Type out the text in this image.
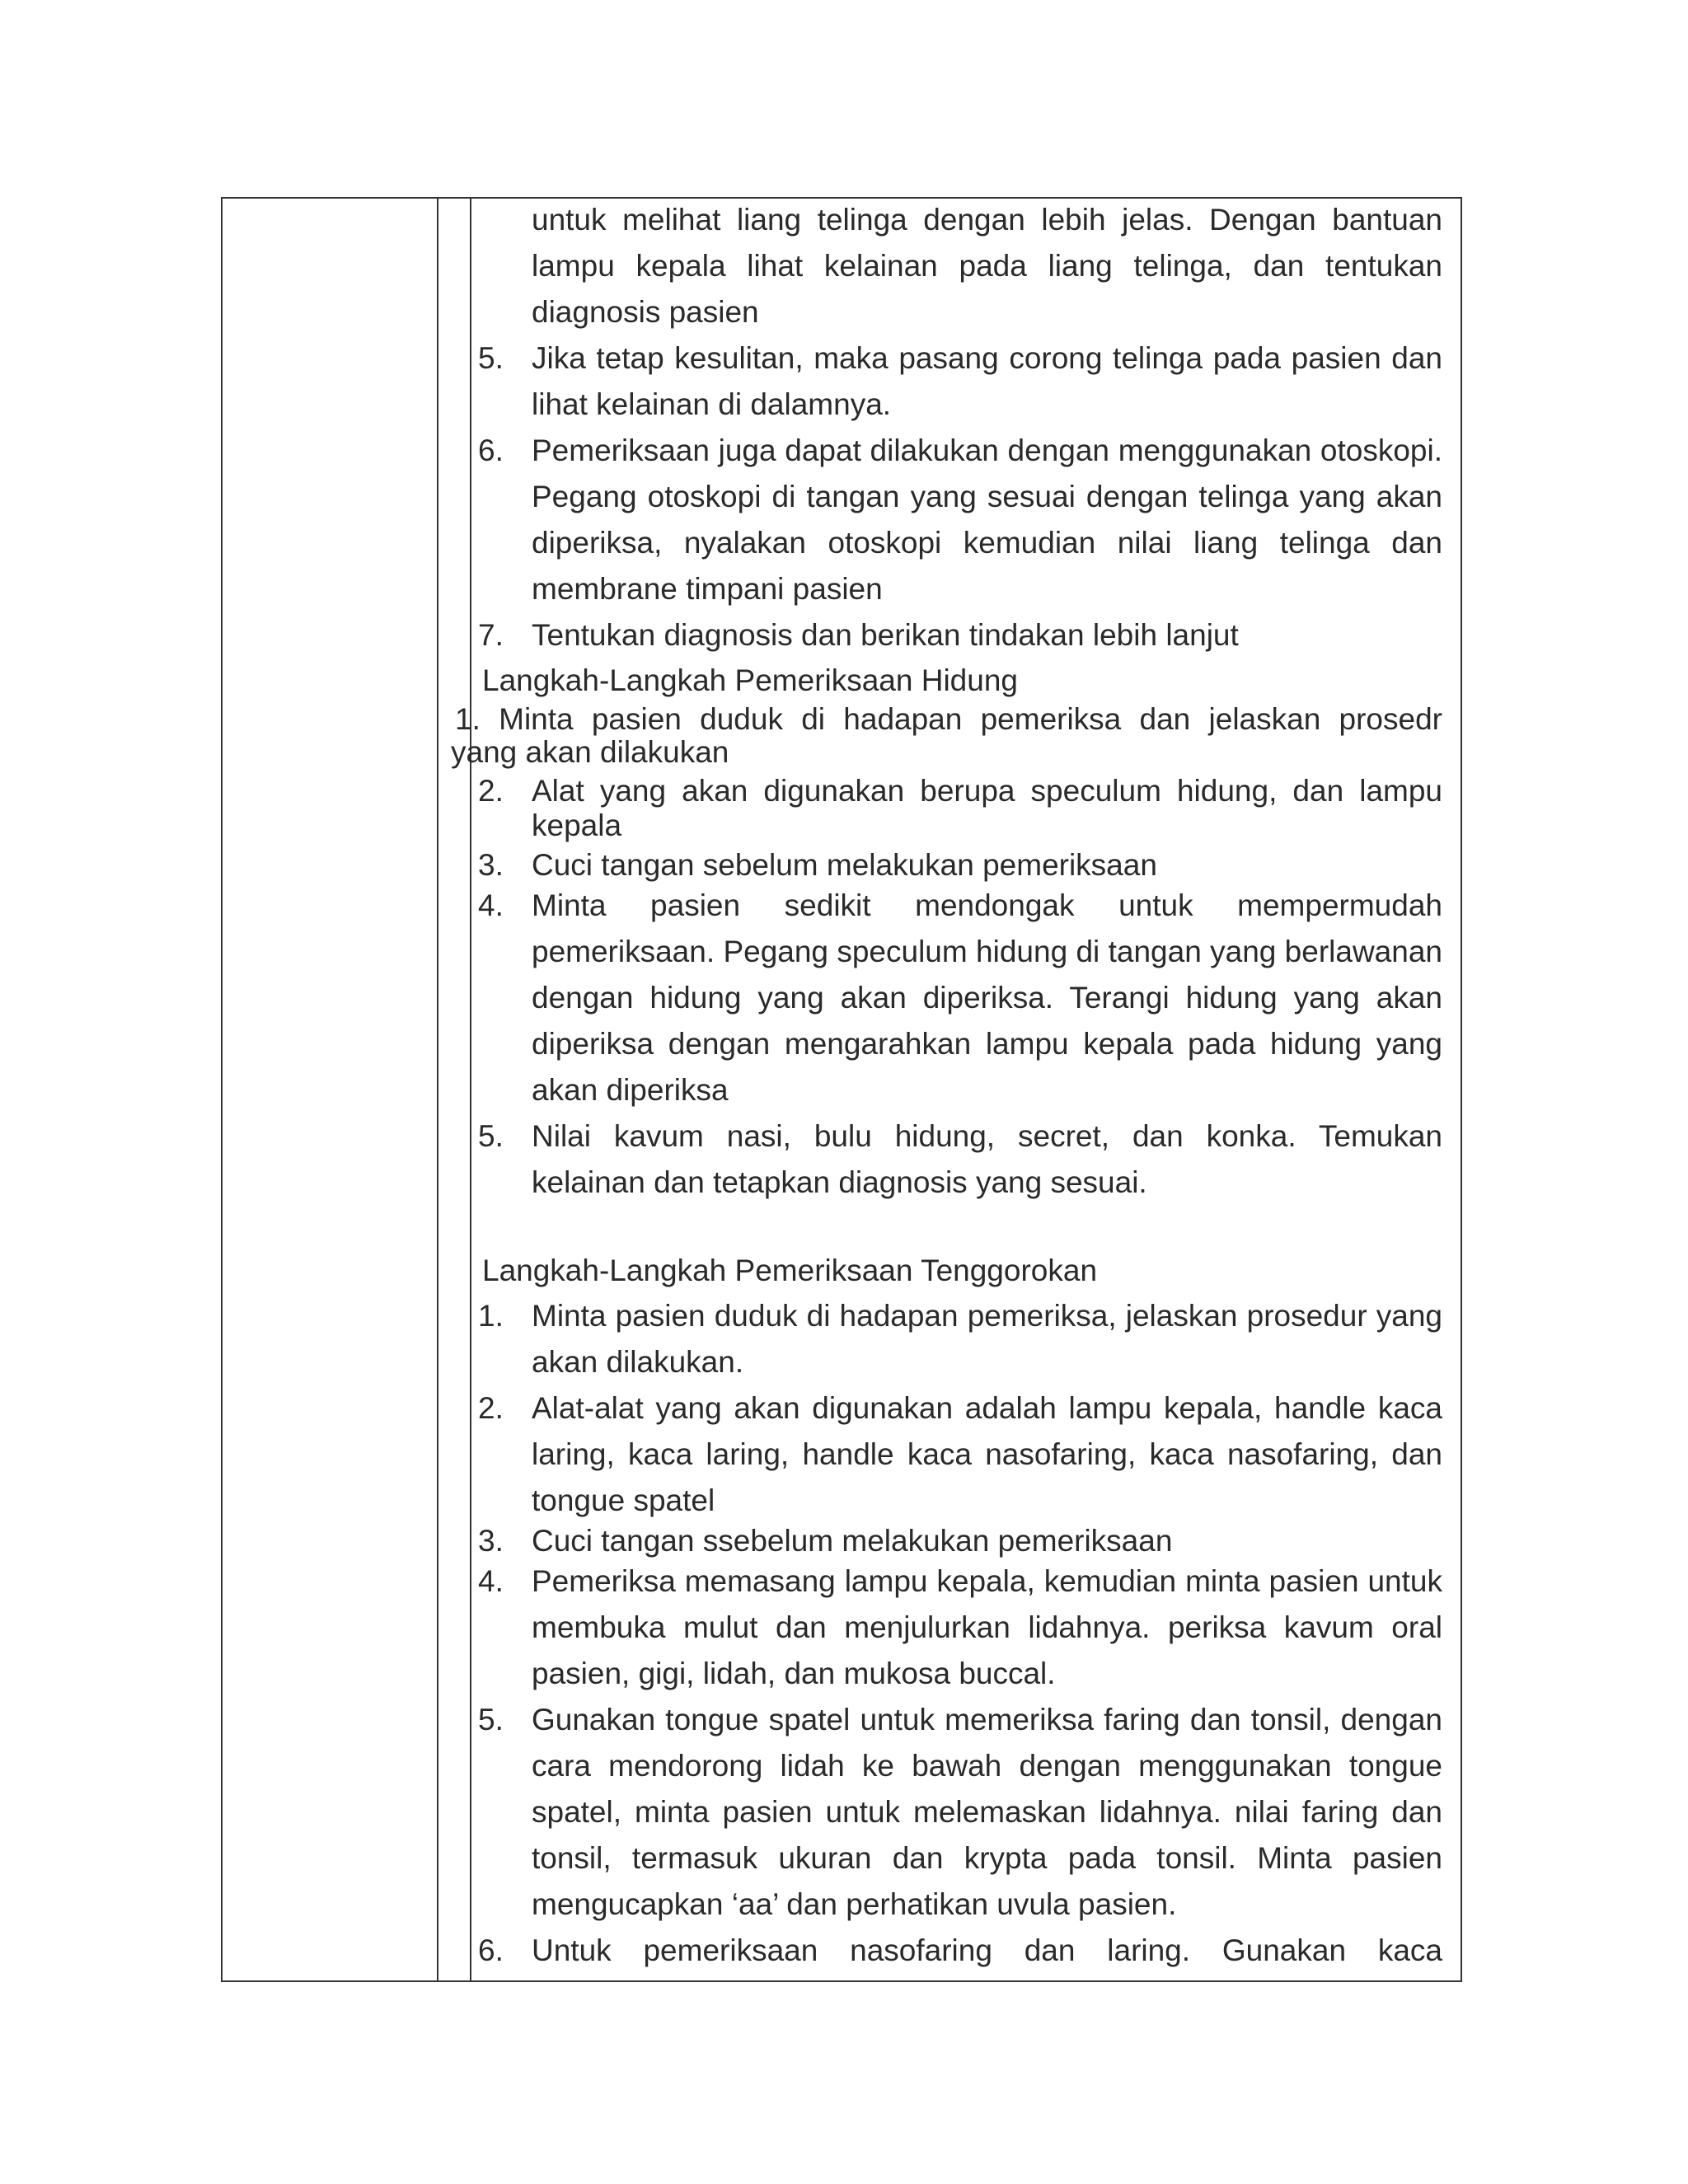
untuk melihat liang telinga dengan lebih jelas. Dengan bantuan lampu kepala lihat kelainan pada liang telinga, dan tentukan diagnosis pasien
5. Jika tetap kesulitan, maka pasang corong telinga pada pasien dan lihat kelainan di dalamnya.
6. Pemeriksaan juga dapat dilakukan dengan menggunakan otoskopi. Pegang otoskopi di tangan yang sesuai dengan telinga yang akan diperiksa, nyalakan otoskopi kemudian nilai liang telinga dan membrane timpani pasien
7. Tentukan diagnosis dan berikan tindakan lebih lanjut
Langkah-Langkah Pemeriksaan Hidung
1. Minta pasien duduk di hadapan pemeriksa dan jelaskan prosedr
yang akan dilakukan
2. Alat yang akan digunakan berupa speculum hidung, dan lampu kepala
3. Cuci tangan sebelum melakukan pemeriksaan
4. Minta pasien sedikit mendongak untuk mempermudah pemeriksaan. Pegang speculum hidung di tangan yang berlawanan dengan hidung yang akan diperiksa. Terangi hidung yang akan diperiksa dengan mengarahkan lampu kepala pada hidung yang akan diperiksa
5. Nilai kavum nasi, bulu hidung, secret, dan konka. Temukan kelainan dan tetapkan diagnosis yang sesuai.
Langkah-Langkah Pemeriksaan Tenggorokan
1. Minta pasien duduk di hadapan pemeriksa, jelaskan prosedur yang akan dilakukan.
2. Alat-alat yang akan digunakan adalah lampu kepala, handle kaca laring, kaca laring, handle kaca nasofaring, kaca nasofaring, dan tongue spatel
3. Cuci tangan ssebelum melakukan pemeriksaan
4. Pemeriksa memasang lampu kepala, kemudian minta pasien untuk membuka mulut dan menjulurkan lidahnya. periksa kavum oral pasien, gigi, lidah, dan mukosa buccal.
5. Gunakan tongue spatel untuk memeriksa faring dan tonsil, dengan cara mendorong lidah ke bawah dengan menggunakan tongue spatel, minta pasien untuk melemaskan lidahnya. nilai faring dan tonsil, termasuk ukuran dan krypta pada tonsil. Minta pasien mengucapkan ‘aa’ dan perhatikan uvula pasien.
6. Untuk pemeriksaan nasofaring dan laring. Gunakan kaca
